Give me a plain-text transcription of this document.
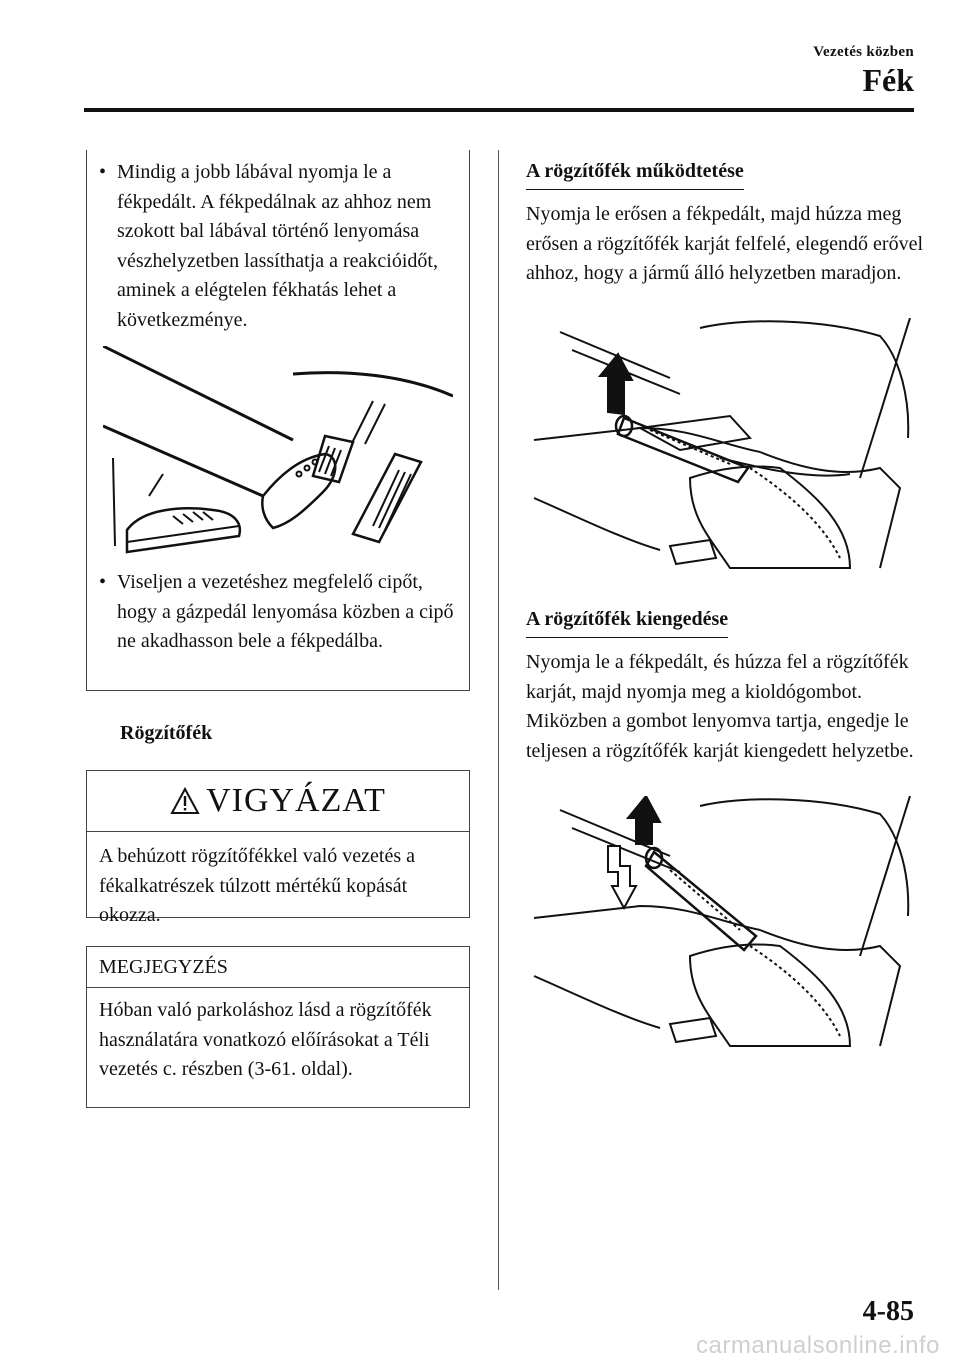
Vezetés közben
Fék
• Mindig a jobb lábával nyomja le a fékpedált. A fékpedálnak az ahhoz nem szokott bal lábával történő lenyomása vészhelyzetben lassíthatja a reakcióidőt, aminek a elégtelen fékhatás lehet a következménye.
• Viseljen a vezetéshez megfelelő cipőt, hogy a gázpedál lenyomása közben a cipő ne akadhasson bele a fékpedálba.
Rögzítőfék
VIGYÁZAT
A behúzott rögzítőfékkel való vezetés a fékalkatrészek túlzott mértékű kopását okozza.
MEGJEGYZÉS
Hóban való parkoláshoz lásd a rögzítőfék használatára vonatkozó előírásokat a Téli vezetés c. részben (3-61. oldal).
A rögzítőfék működtetése
Nyomja le erősen a fékpedált, majd húzza meg erősen a rögzítőfék karját felfelé, elegendő erővel ahhoz, hogy a jármű álló helyzetben maradjon.
A rögzítőfék kiengedése
Nyomja le a fékpedált, és húzza fel a rögzítőfék karját, majd nyomja meg a kioldógombot. Miközben a gombot lenyomva tartja, engedje le teljesen a rögzítőfék karját kiengedett helyzetbe.
4-85
carmanualsonline.info
